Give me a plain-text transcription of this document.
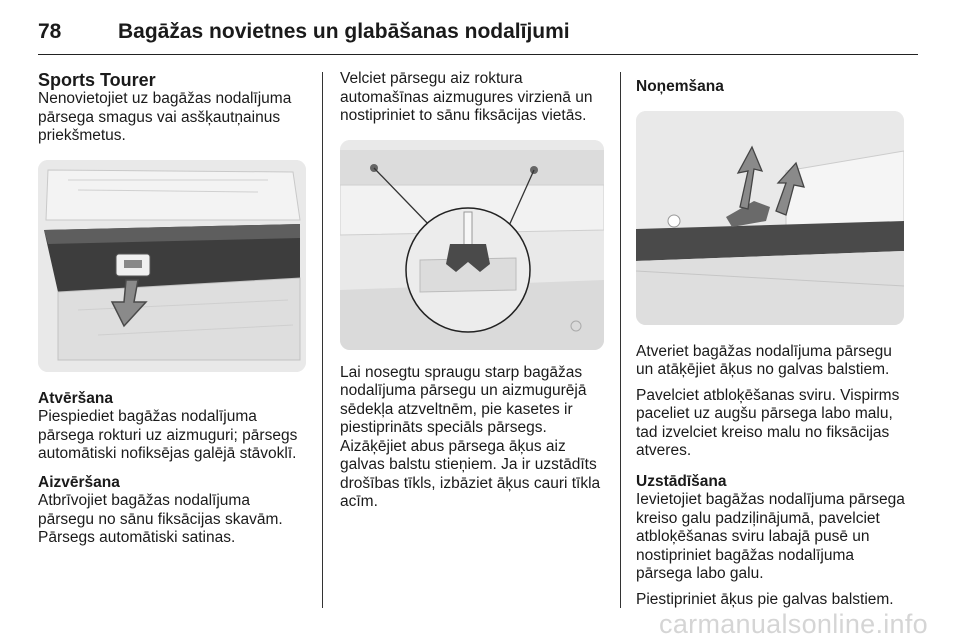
78	Bagāžas novietnes un glabāšanas nodalījumi
Sports Tourer

Nenovietojiet uz bagāžas nodalījuma pārsega smagus vai asšķautņainus priekšmetus.

Atvēršana

Piespiediet bagāžas nodalījuma pārsega rokturi uz aizmuguri; pārsegs automātiski nofiksējas galējā stāvoklī.

Aizvēršana

Atbrīvojiet bagāžas nodalījuma pārsegu no sānu fiksācijas skavām. Pārsegs automātiski satinas.

Velciet pārsegu aiz roktura automašīnas aizmugures virzienā un nostipriniet to sānu fiksācijas vietās.

Lai nosegtu spraugu starp bagāžas nodalījuma pārsegu un aizmugurējā sēdekļa atzveltnēm, pie kasetes ir piestiprināts speciāls pārsegs. Aizāķējiet abus pārsega āķus aiz galvas balstu stieņiem. Ja ir uzstādīts drošības tīkls, izbāziet āķus cauri tīkla acīm.

Noņemšana

Atveriet bagāžas nodalījuma pārsegu un atāķējiet āķus no galvas balstiem.

Pavelciet atbloķēšanas sviru. Vispirms paceliet uz augšu pārsega labo malu, tad izvelciet kreiso malu no fiksācijas atveres.

Uzstādīšana

Ievietojiet bagāžas nodalījuma pārsega kreiso galu padziļinājumā, pavelciet atbloķēšanas sviru labajā pusē un nostipriniet bagāžas nodalījuma pārsega labo galu.

Piestipriniet āķus pie galvas balstiem.

carmanualsonline.info
